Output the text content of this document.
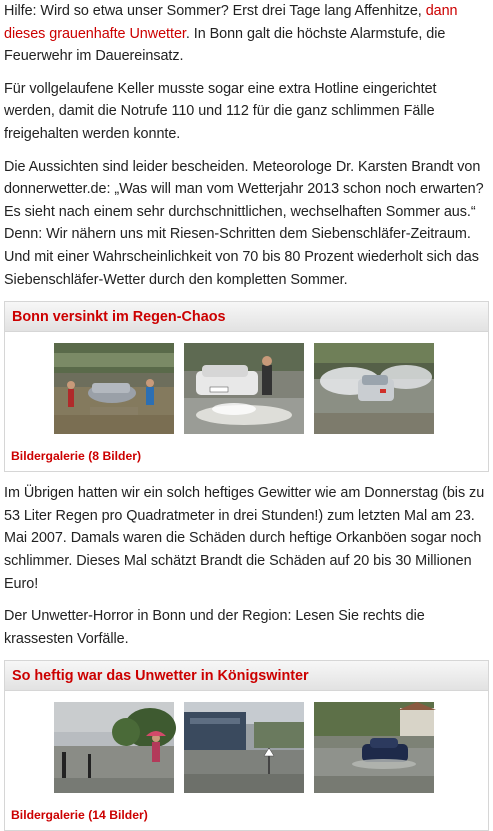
Hilfe: Wird so etwa unser Sommer? Erst drei Tage lang Affenhitze, dann dieses grauenhafte Unwetter. In Bonn galt die höchste Alarmstufe, die Feuerwehr im Dauereinsatz.

Für vollgelaufene Keller musste sogar eine extra Hotline eingerichtet werden, damit die Notrufe 110 und 112 für die ganz schlimmen Fälle freigehalten werden konnte.

Die Aussichten sind leider bescheiden. Meteorologe Dr. Karsten Brandt von donnerwetter.de: „Was will man vom Wetterjahr 2013 schon noch erwarten? Es sieht nach einem sehr durchschnittlichen, wechselhaften Sommer aus.“ Denn: Wir nähern uns mit Riesen-Schritten dem Siebenschläfer-Zeitraum. Und mit einer Wahrscheinlichkeit von 70 bis 80 Prozent wiederholt sich das Siebenschläfer-Wetter durch den kompletten Sommer.

Bonn versinkt im Regen-Chaos
Bildergalerie (8 Bilder)

Im Übrigen hatten wir ein solch heftiges Gewitter wie am Donnerstag (bis zu 53 Liter Regen pro Quadratmeter in drei Stunden!) zum letzten Mal am 23. Mai 2007. Damals waren die Schäden durch heftige Orkanböen sogar noch schlimmer. Dieses Mal schätzt Brandt die Schäden auf 20 bis 30 Millionen Euro!

Der Unwetter-Horror in Bonn und der Region: Lesen Sie rechts die krassesten Vorfälle.

So heftig war das Unwetter in Königswinter
Bildergalerie (14 Bilder)
